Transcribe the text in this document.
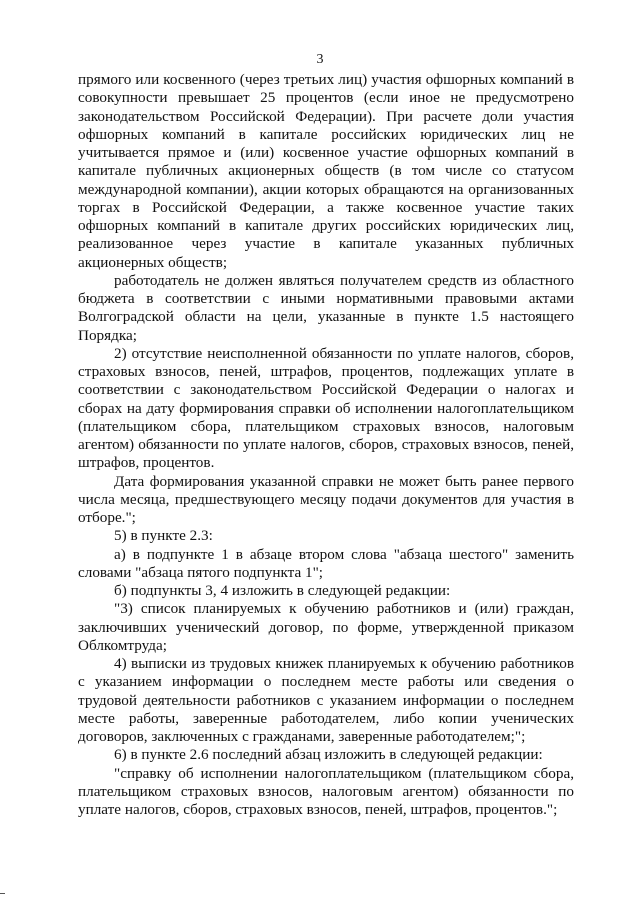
3

прямого или косвенного (через третьих лиц) участия офшорных компаний в совокупности превышает 25 процентов (если иное не предусмотрено законодательством Российской Федерации). При расчете доли участия офшорных компаний в капитале российских юридических лиц не учитывается прямое и (или) косвенное участие офшорных компаний в капитале публичных акционерных обществ (в том числе со статусом международной компании), акции которых обращаются на организованных торгах в Российской Федерации, а также косвенное участие таких офшорных компаний в капитале других российских юридических лиц, реализованное через участие в капитале указанных публичных акционерных обществ;

работодатель не должен являться получателем средств из областного бюджета в соответствии с иными нормативными правовыми актами Волгоградской области на цели, указанные в пункте 1.5 настоящего Порядка;

2) отсутствие неисполненной обязанности по уплате налогов, сборов, страховых взносов, пеней, штрафов, процентов, подлежащих уплате в соответствии с законодательством Российской Федерации о налогах и сборах на дату формирования справки об исполнении налогоплательщиком (плательщиком сбора, плательщиком страховых взносов, налоговым агентом) обязанности по уплате налогов, сборов, страховых взносов, пеней, штрафов, процентов.

Дата формирования указанной справки не может быть ранее первого числа месяца, предшествующего месяцу подачи документов для участия в отборе.";

5) в пункте 2.3:

а) в подпункте 1 в абзаце втором слова "абзаца шестого" заменить словами "абзаца пятого подпункта 1";

б) подпункты 3, 4 изложить в следующей редакции:

"3) список планируемых к обучению работников и (или) граждан, заключивших ученический договор, по форме, утвержденной приказом Облкомтруда;

4) выписки из трудовых книжек планируемых к обучению работников с указанием информации о последнем месте работы или сведения о трудовой деятельности работников с указанием информации о последнем месте работы, заверенные работодателем, либо копии ученических договоров, заключенных с гражданами, заверенные работодателем;";

6) в пункте 2.6 последний абзац изложить в следующей редакции:

"справку об исполнении налогоплательщиком (плательщиком сбора, плательщиком страховых взносов, налоговым агентом) обязанности по уплате налогов, сборов, страховых взносов, пеней, штрафов, процентов.";
